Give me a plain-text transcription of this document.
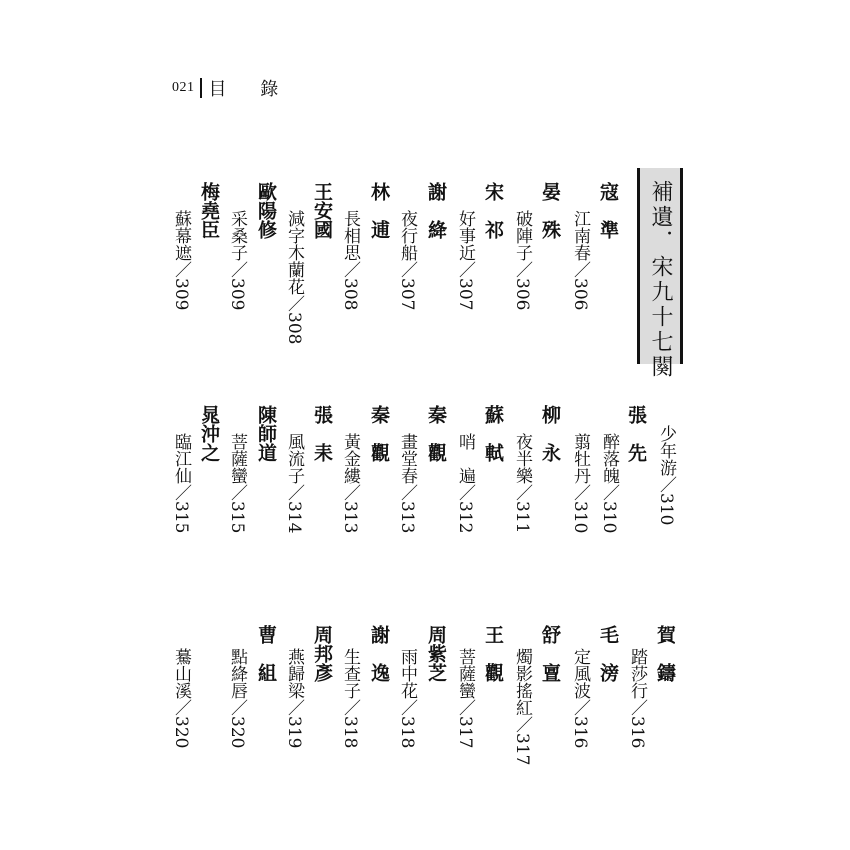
021 目 錄
補遺．宋九十七闋
寇　準
江南春／306
晏　殊
破陣子／306
宋　祁
好事近／307
謝　絳
夜行船／307
林　逋
長相思／308
王安國
減字木蘭花／308
歐陽修
采桑子／309
梅堯臣
蘇幕遮／309
少年游／310
張　先
醉落魄／310
翦牡丹／310
柳　永
夜半樂／311
蘇　軾
哨　遍／312
秦　觀
畫堂春／313
秦　觀
黃金縷／313
張　耒
風流子／314
陳師道
菩薩蠻／315
晁沖之
臨江仙／315
賀　鑄
踏莎行／316
毛　滂
定風波／316
舒　亶
燭影搖紅／317
王　觀
菩薩蠻／317
周紫芝
雨中花／318
謝　逸
生查子／318
周邦彥
燕歸梁／319
曹　組
點絳唇／320
驀山溪／320
